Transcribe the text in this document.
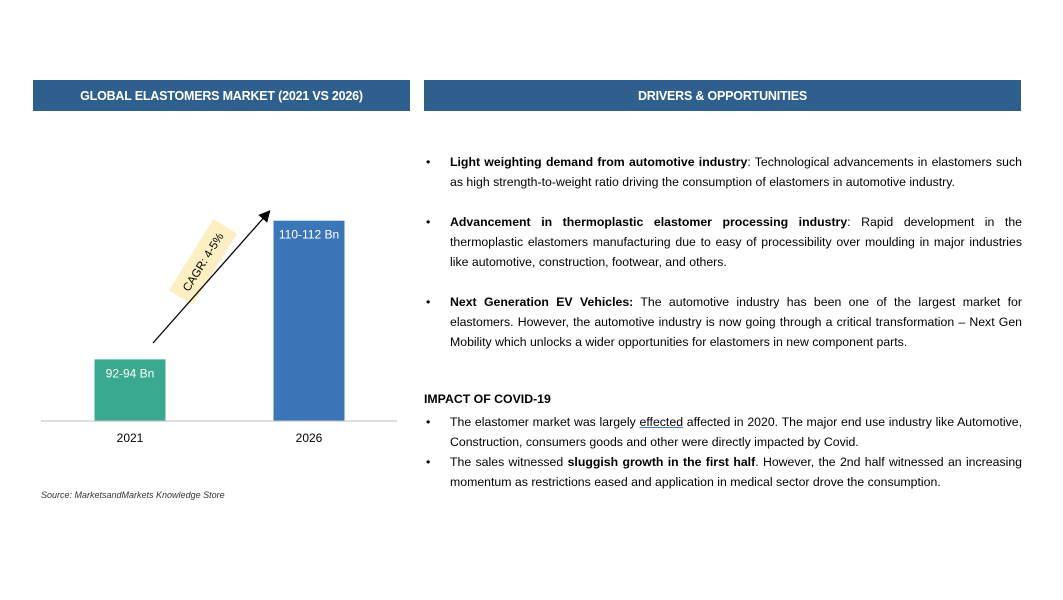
GLOBAL ELASTOMERS MARKET (2021 VS 2026)	DRIVERS & OPPORTUNITIES
CAGR: 4-5%
92-94 Bn
110-112 Bn
2021	2026
Source: MarketsandMarkets Knowledge Store
• Light weighting demand from automotive industry: Technological advancements in elastomers such as high strength-to-weight ratio driving the consumption of elastomers in automotive industry.
• Advancement in thermoplastic elastomer processing industry: Rapid development in the thermoplastic elastomers manufacturing due to easy of processibility over moulding in major industries like automotive, construction, footwear, and others.
• Next Generation EV Vehicles: The automotive industry has been one of the largest market for elastomers. However, the automotive industry is now going through a critical transformation – Next Gen Mobility which unlocks a wider opportunities for elastomers in new component parts.
IMPACT OF COVID-19
• The elastomer market was largely effected affected in 2020. The major end use industry like Automotive, Construction, consumers goods and other were directly impacted by Covid.
• The sales witnessed sluggish growth in the first half. However, the 2nd half witnessed an increasing momentum as restrictions eased and application in medical sector drove the consumption.
